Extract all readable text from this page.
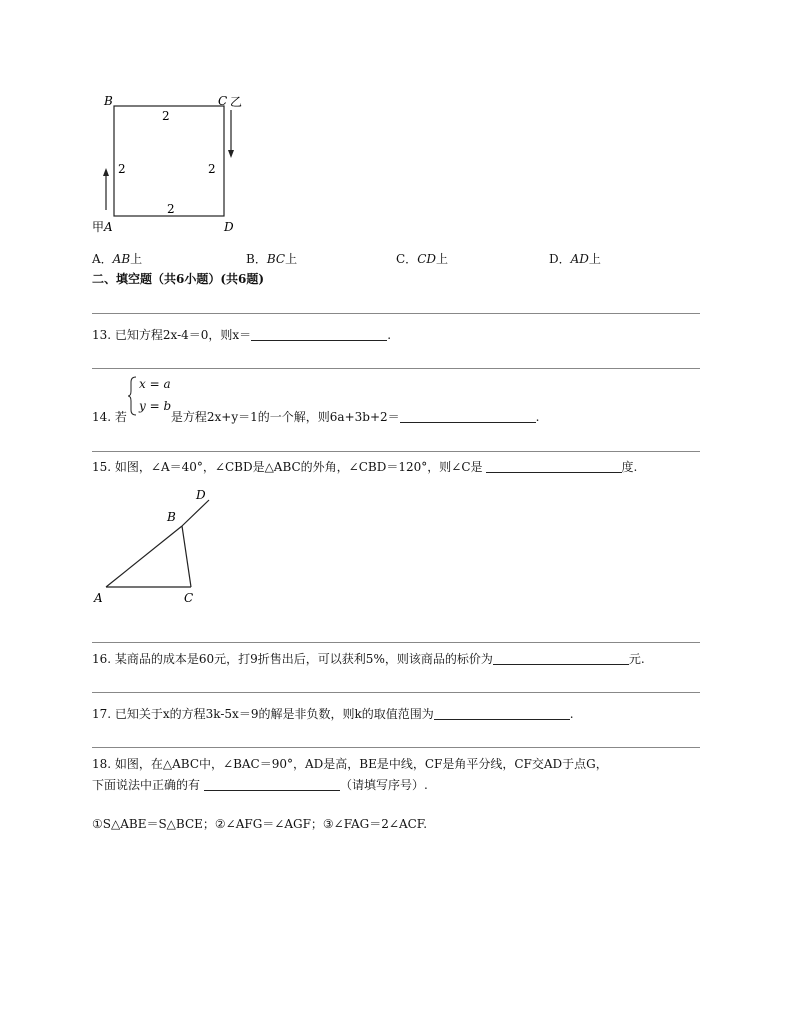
B	C 乙
A
甲	D
2
2	2
2
A．AB上	B．BC上	C．CD上	D．AD上
二、填空题（共6小题）(共6题)
13. 已知方程2x-4＝0，则x＝	.
x = a
y = b
14. 若	是方程2x+y＝1的一个解，则6a+3b+2＝	.
15. 如图，∠A＝40°，∠CBD是△ABC的外角，∠CBD＝120°，则∠C是	度.
A
B
C
D
16. 某商品的成本是60元，打9折售出后，可以获利5%，则该商品的标价为	元.
17. 已知关于x的方程3k-5x＝9的解是非负数，则k的取值范围为	.
18. 如图，在△ABC中，∠BAC＝90°，AD是高，BE是中线，CF是角平分线，CF交AD于点G，
下面说法中正确的有	（请填写序号）.
①S△ABE＝S△BCE；②∠AFG＝∠AGF；③∠FAG＝2∠ACF.
